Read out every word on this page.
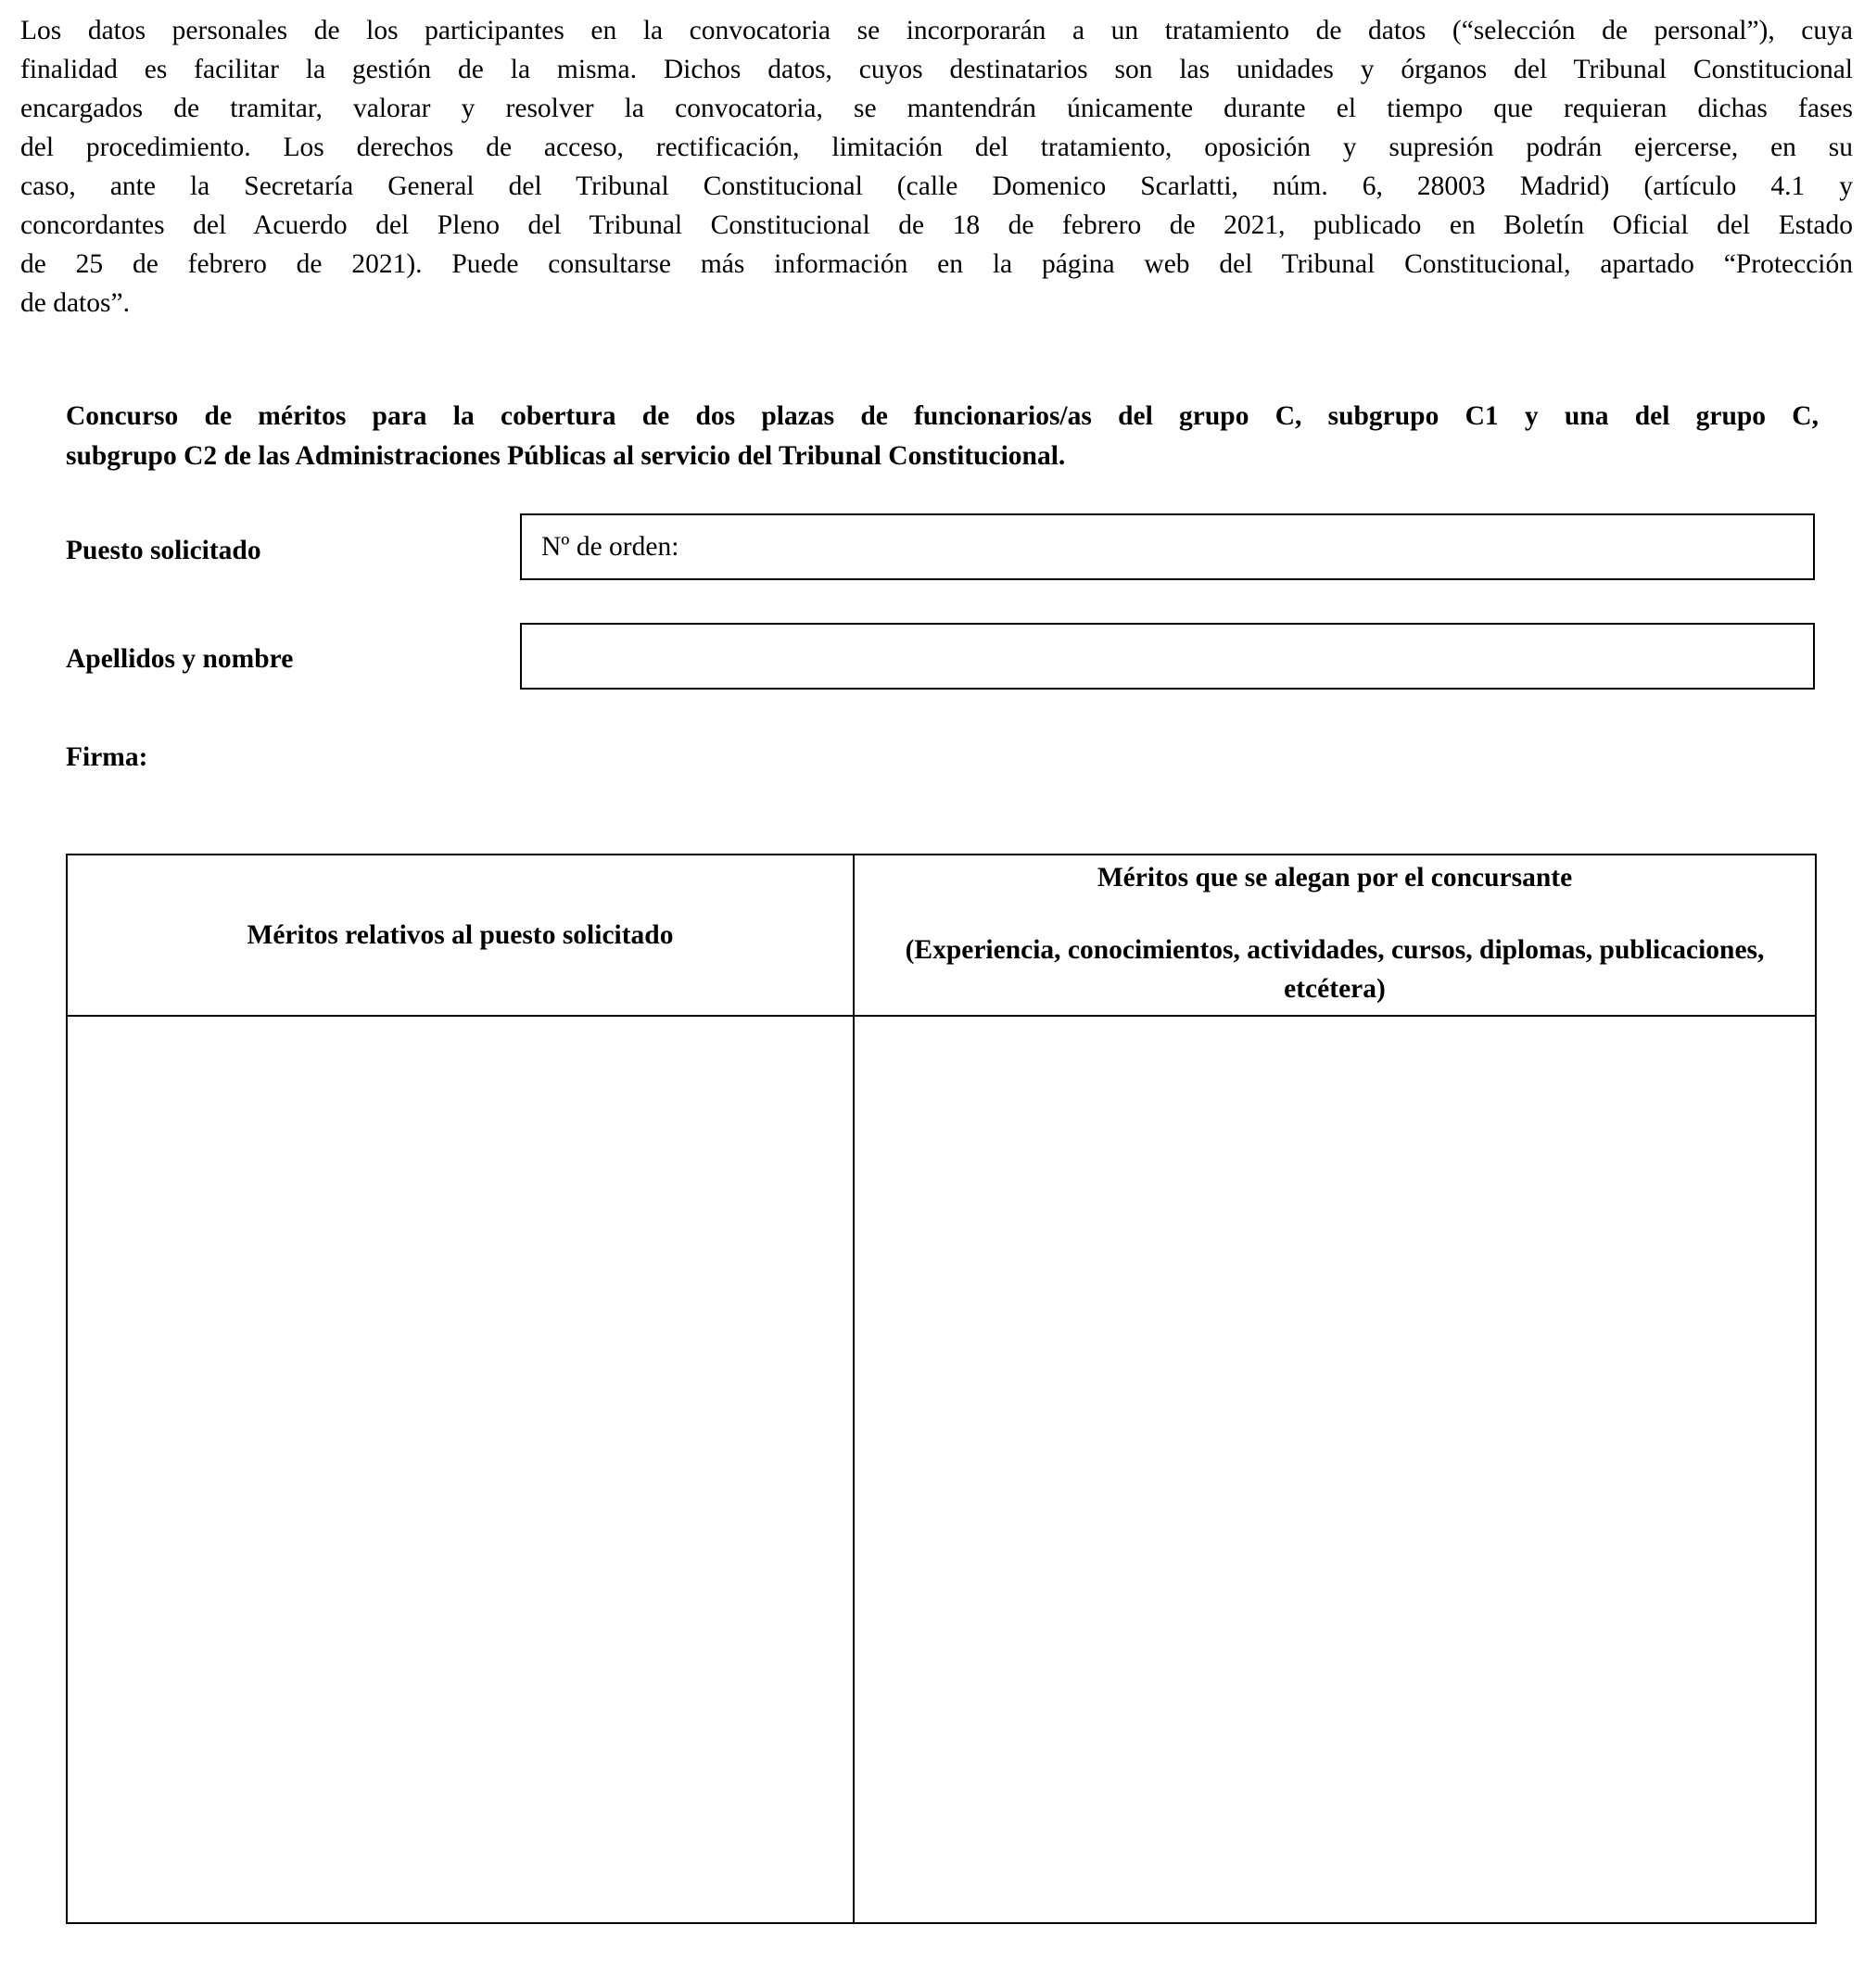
Los datos personales de los participantes en la convocatoria se incorporarán a un tratamiento de datos (“selección de personal”), cuya
finalidad es facilitar la gestión de la misma. Dichos datos, cuyos destinatarios son las unidades y órganos del Tribunal Constitucional
encargados de tramitar, valorar y resolver la convocatoria, se mantendrán únicamente durante el tiempo que requieran dichas fases
del procedimiento. Los derechos de acceso, rectificación, limitación del tratamiento, oposición y supresión podrán ejercerse, en su
caso, ante la Secretaría General del Tribunal Constitucional (calle Domenico Scarlatti, núm. 6, 28003 Madrid) (artículo 4.1 y
concordantes del Acuerdo del Pleno del Tribunal Constitucional de 18 de febrero de 2021, publicado en Boletín Oficial del Estado
de 25 de febrero de 2021). Puede consultarse más información en la página web del Tribunal Constitucional, apartado “Protección
de datos”.
Concurso de méritos para la cobertura de dos plazas de funcionarios/as del grupo C, subgrupo C1 y una del grupo C,
subgrupo C2 de las Administraciones Públicas al servicio del Tribunal Constitucional.
Puesto solicitado	Nº de orden:
Apellidos y nombre
Firma:
Méritos relativos al puesto solicitado	Méritos que se alegan por el concursante
(Experiencia, conocimientos, actividades, cursos, diplomas, publicaciones, etcétera)
